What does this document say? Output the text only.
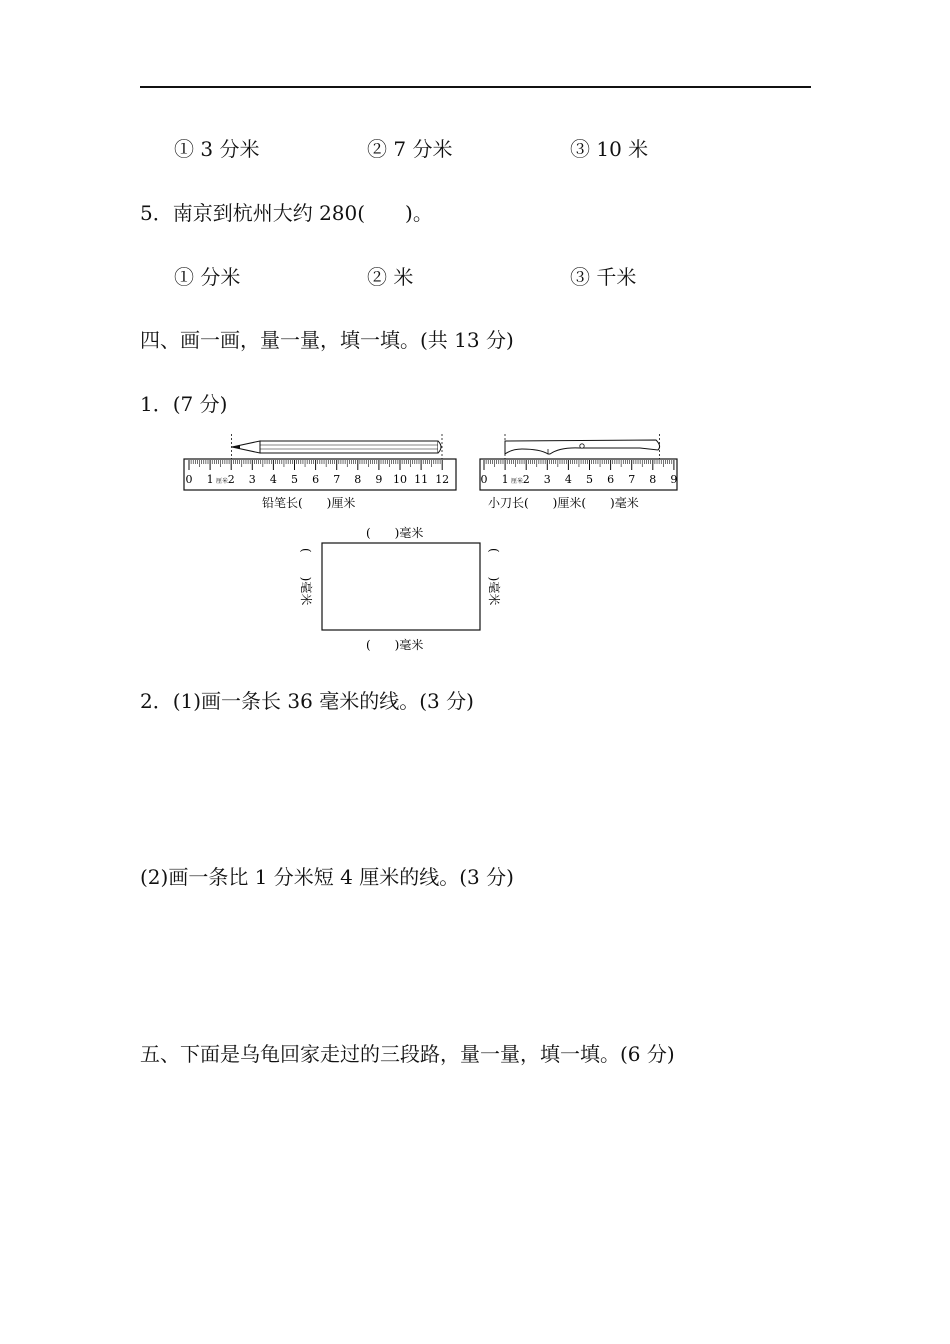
① 3 分米	② 7 分米	③ 10 米
5．南京到杭州大约 280(　　)。
① 分米	② 米	③ 千米
四、画一画，量一量，填一填。(共 13 分)
1．(7 分)
0 1 2 3 4 5 6 7 8 9 10 11 12
厘米	0 1 2 3 4 5 6 7 8 9
厘米
铅笔长(　　)厘米	小刀长(　　)厘米(　　)毫米
(　　)毫米
(　　)毫米
(　　)毫米	(　　)毫米
2．(1)画一条长 36 毫米的线。(3 分)
(2)画一条比 1 分米短 4 厘米的线。(3 分)
五、下面是乌龟回家走过的三段路，量一量，填一填。(6 分)
